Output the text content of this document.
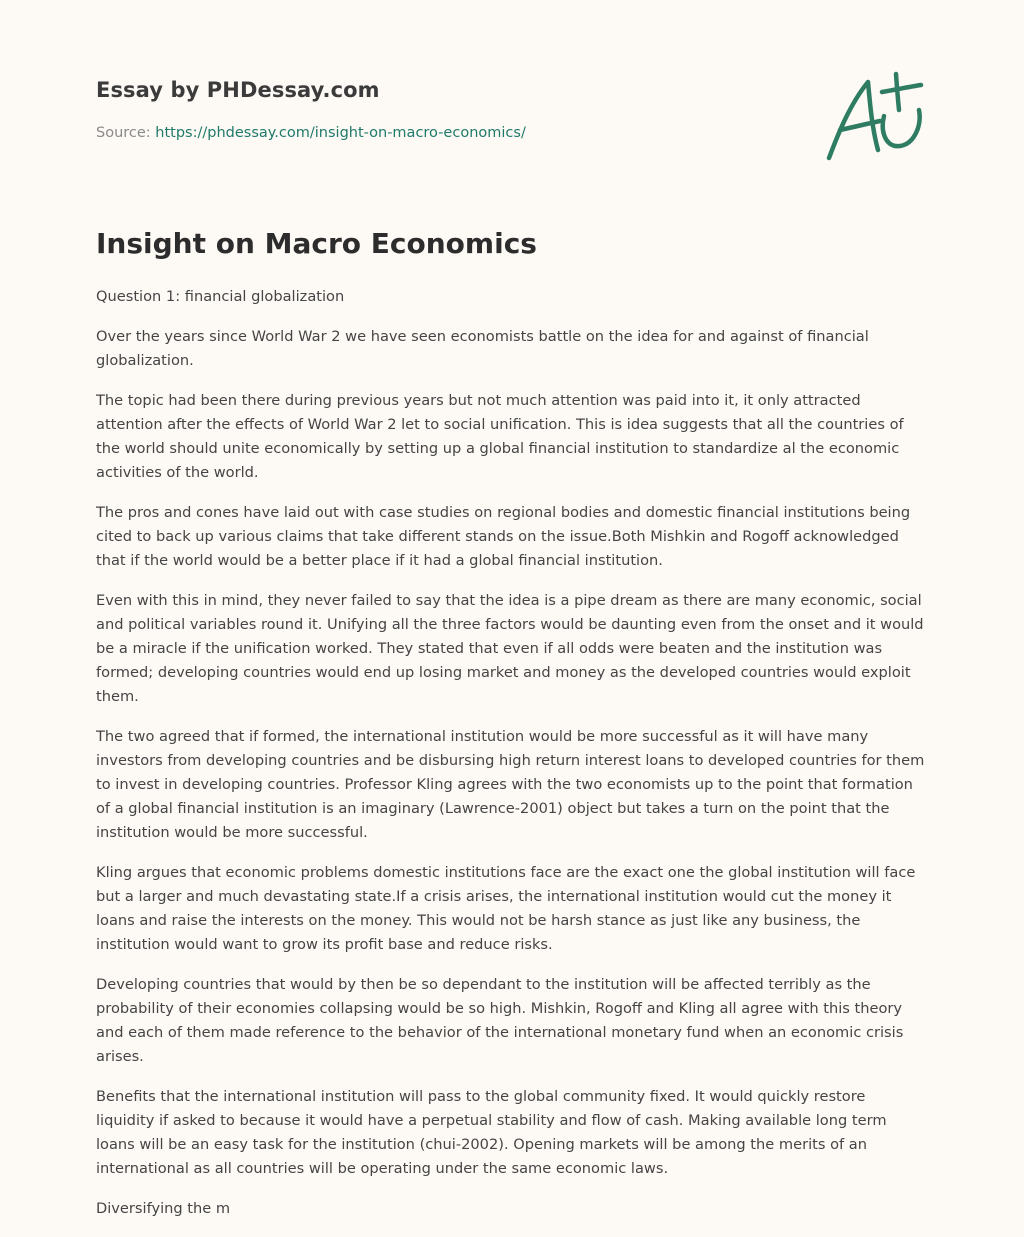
Essay by PHDessay.com
Source: https://phdessay.com/insight-on-macro-economics/
Insight on Macro Economics

Question 1: financial globalization

Over the years since World War 2 we have seen economists battle on the idea for and against of financial globalization.

The topic had been there during previous years but not much attention was paid into it, it only attracted attention after the effects of World War 2 let to social unification. This is idea suggests that all the countries of the world should unite economically by setting up a global financial institution to standardize al the economic activities of the world.

The pros and cones have laid out with case studies on regional bodies and domestic financial institutions being cited to back up various claims that take different stands on the issue.Both Mishkin and Rogoff acknowledged that if the world would be a better place if it had a global financial institution.

Even with this in mind, they never failed to say that the idea is a pipe dream as there are many economic, social and political variables round it. Unifying all the three factors would be daunting even from the onset and it would be a miracle if the unification worked. They stated that even if all odds were beaten and the institution was formed; developing countries would end up losing market and money as the developed countries would exploit them.

The two agreed that if formed, the international institution would be more successful as it will have many investors from developing countries and be disbursing high return interest loans to developed countries for them to invest in developing countries. Professor Kling agrees with the two economists up to the point that formation of a global financial institution is an imaginary (Lawrence-2001) object but takes a turn on the point that the institution would be more successful.

Kling argues that economic problems domestic institutions face are the exact one the global institution will face but a larger and much devastating state.If a crisis arises, the international institution would cut the money it loans and raise the interests on the money. This would not be harsh stance as just like any business, the institution would want to grow its profit base and reduce risks.

Developing countries that would by then be so dependant to the institution will be affected terribly as the probability of their economies collapsing would be so high. Mishkin, Rogoff and Kling all agree with this theory and each of them made reference to the behavior of the international monetary fund when an economic crisis arises.

Benefits that the international institution will pass to the global community fixed. It would quickly restore liquidity if asked to because it would have a perpetual stability and flow of cash. Making available long term loans will be an easy task for the institution (chui-2002). Opening markets will be among the merits of an international as all countries will be operating under the same economic laws.

Diversifying the m
